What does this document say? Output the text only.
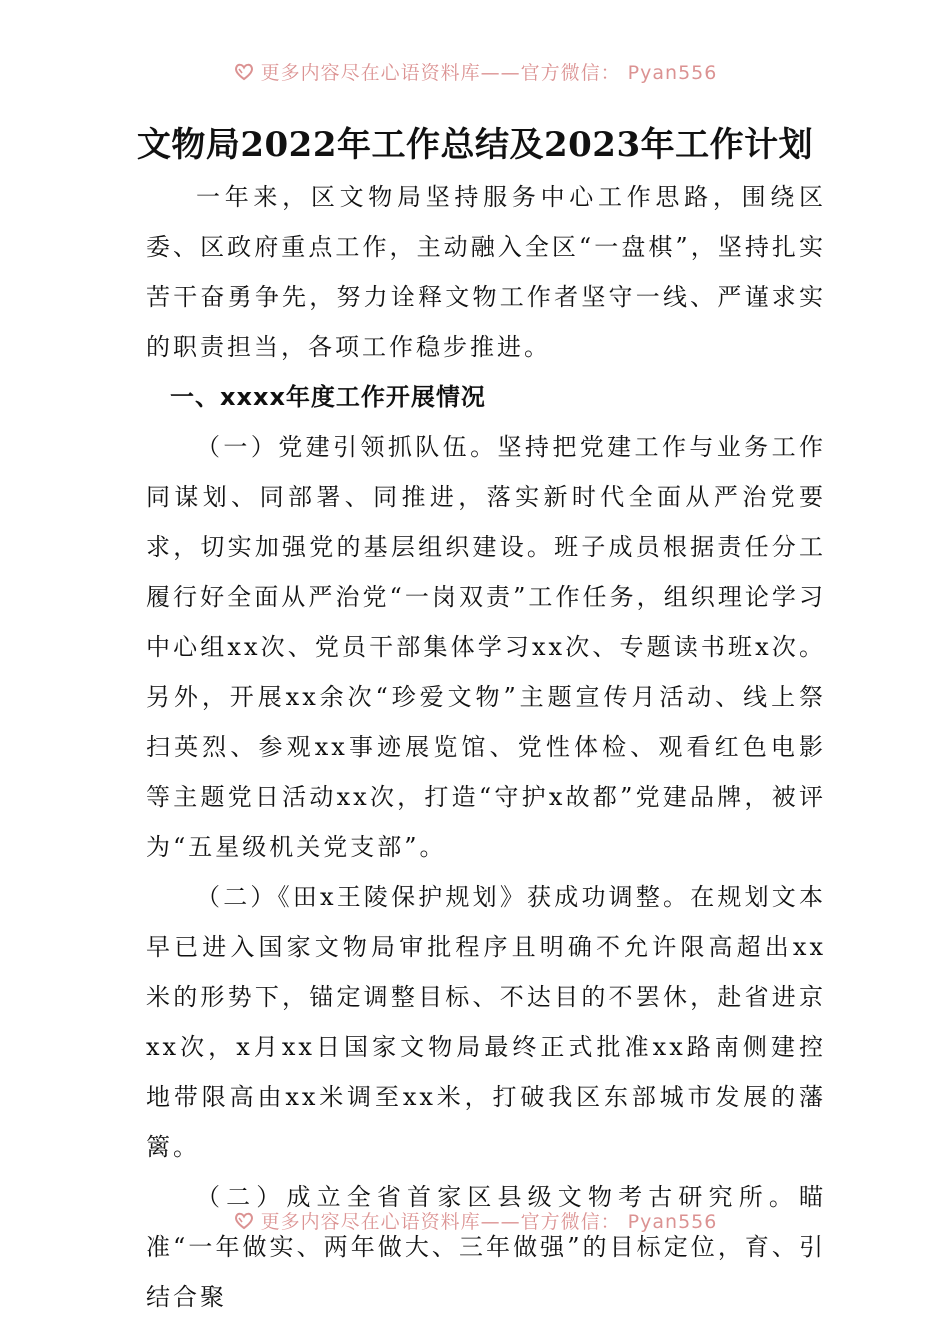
更多内容尽在心语资料库——官方微信： Pyan556
文物局2022年工作总结及2023年工作计划

一年来，区文物局坚持服务中心工作思路，围绕区委、区政府重点工作，主动融入全区“一盘棋”，坚持扎实苦干奋勇争先，努力诠释文物工作者坚守一线、严谨求实的职责担当，各项工作稳步推进。

一、xxxx年度工作开展情况

（一）党建引领抓队伍。坚持把党建工作与业务工作同谋划、同部署、同推进，落实新时代全面从严治党要求，切实加强党的基层组织建设。班子成员根据责任分工履行好全面从严治党“一岗双责”工作任务，组织理论学习中心组xx次、党员干部集体学习xx次、专题读书班x次。另外，开展xx余次“珍爱文物”主题宣传月活动、线上祭扫英烈、参观xx事迹展览馆、党性体检、观看红色电影等主题党日活动xx次，打造“守护x故都”党建品牌，被评为“五星级机关党支部”。

（二）《田x王陵保护规划》获成功调整。在规划文本早已进入国家文物局审批程序且明确不允许限高超出xx米的形势下，锚定调整目标、不达目的不罢休，赴省进京xx次，x月xx日国家文物局最终正式批准xx路南侧建控地带限高由xx米调至xx米，打破我区东部城市发展的藩篱。

（二）成立全省首家区县级文物考古研究所。瞄准“一年做实、两年做大、三年做强”的目标定位，育、引结合聚

更多内容尽在心语资料库——官方微信： Pyan556
